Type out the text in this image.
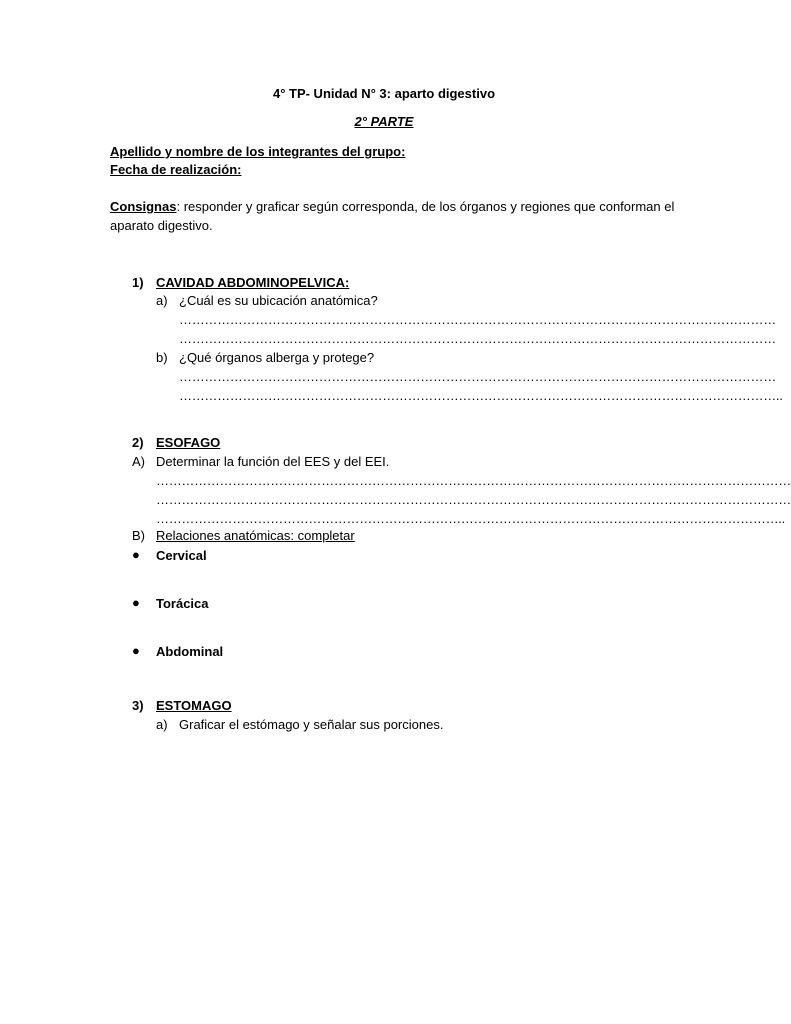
4° TP- Unidad N° 3: aparto digestivo
2° PARTE
Apellido y nombre de los integrantes del grupo:
Fecha de realización:
Consignas: responder y graficar según corresponda, de los órganos y regiones que conforman el
aparato digestivo.
1) CAVIDAD ABDOMINOPELVICA:
a) ¿Cuál es su ubicación anatómica?
……………………………………………………………………………………………………………………………
……………………………………………………………………………………………………………………………
b) ¿Qué órganos alberga y protege?
……………………………………………………………………………………………………………………………
……………………………………………………………………………………………………………………………..
2) ESOFAGO
A) Determinar la función del EES y del EEI.
……………………………………………………………………………………………………………………………………
……………………………………………………………………………………………………………………………………
…………………………………………………………………………………………………………………………………..
B) Relaciones anatómicas: completar
● Cervical
● Torácica
● Abdominal
3) ESTOMAGO
a) Graficar el estómago y señalar sus porciones.
